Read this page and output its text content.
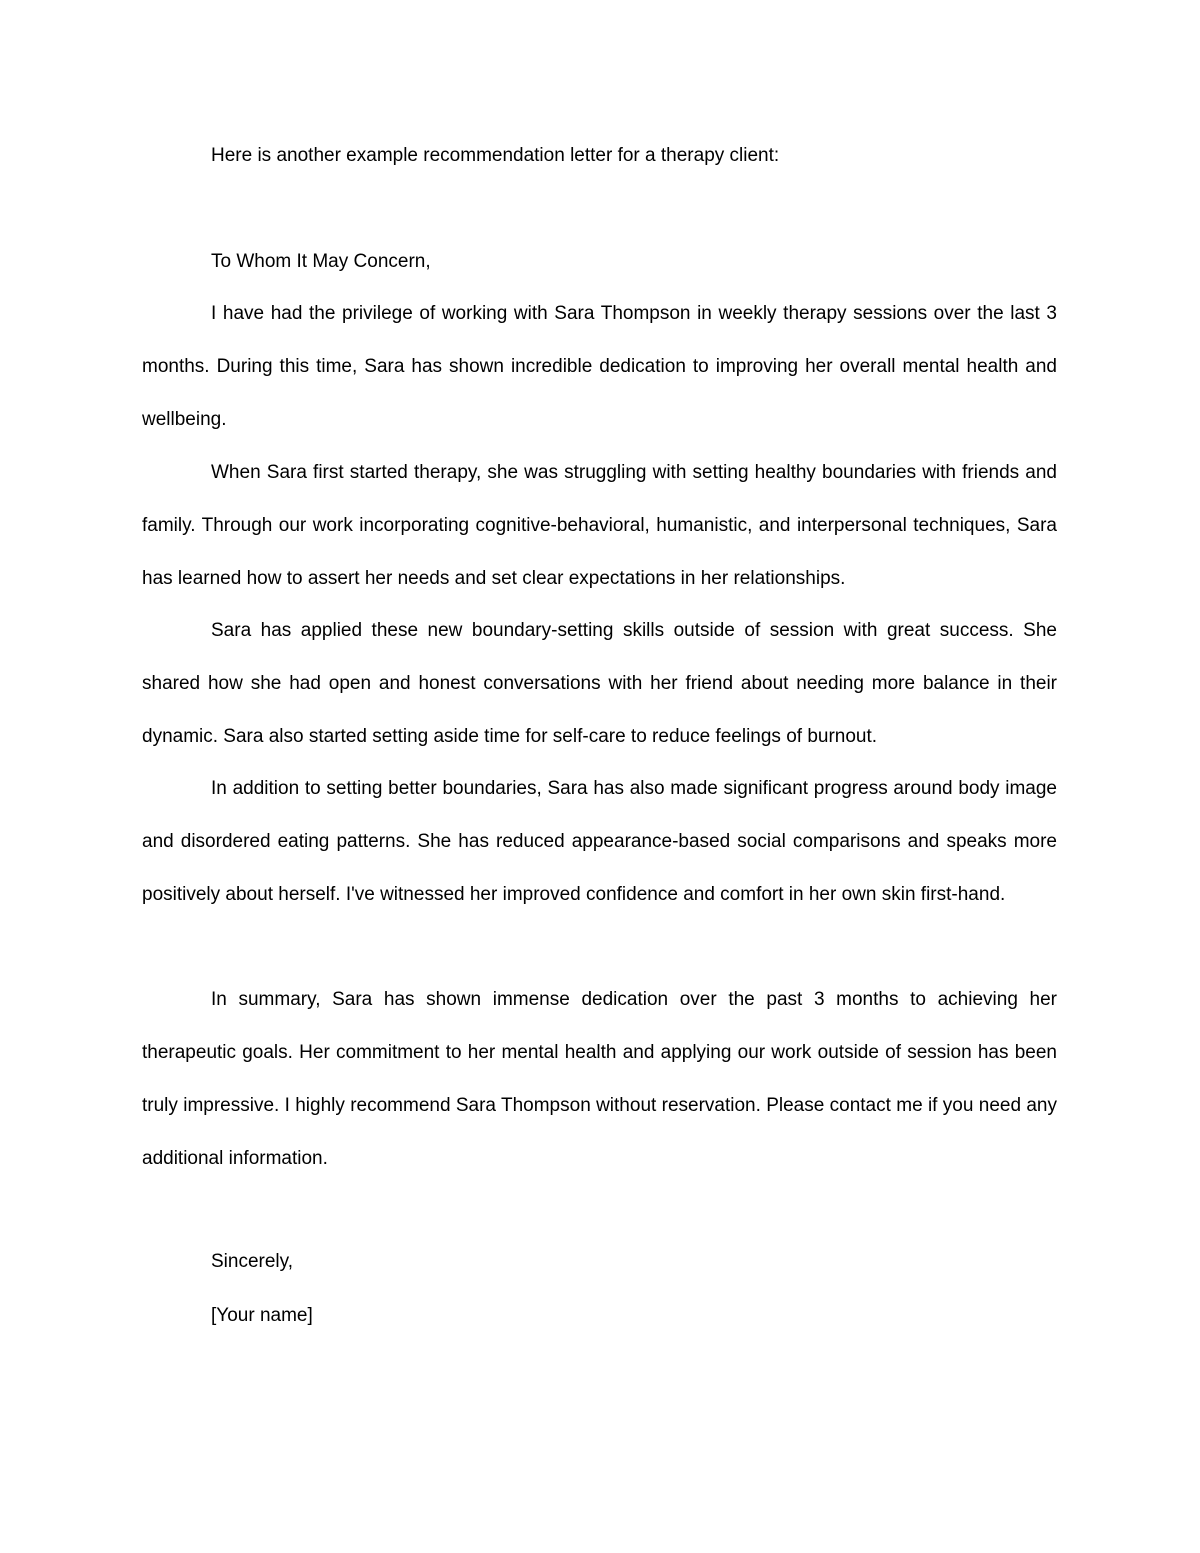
Here is another example recommendation letter for a therapy client:

To Whom It May Concern,

I have had the privilege of working with Sara Thompson in weekly therapy sessions over the last 3 months. During this time, Sara has shown incredible dedication to improving her overall mental health and wellbeing.

When Sara first started therapy, she was struggling with setting healthy boundaries with friends and family. Through our work incorporating cognitive-behavioral, humanistic, and interpersonal techniques, Sara has learned how to assert her needs and set clear expectations in her relationships.

Sara has applied these new boundary-setting skills outside of session with great success. She shared how she had open and honest conversations with her friend about needing more balance in their dynamic. Sara also started setting aside time for self-care to reduce feelings of burnout.

In addition to setting better boundaries, Sara has also made significant progress around body image and disordered eating patterns. She has reduced appearance-based social comparisons and speaks more positively about herself. I've witnessed her improved confidence and comfort in her own skin first-hand.

In summary, Sara has shown immense dedication over the past 3 months to achieving her therapeutic goals. Her commitment to her mental health and applying our work outside of session has been truly impressive. I highly recommend Sara Thompson without reservation. Please contact me if you need any additional information.

Sincerely,

[Your name]
